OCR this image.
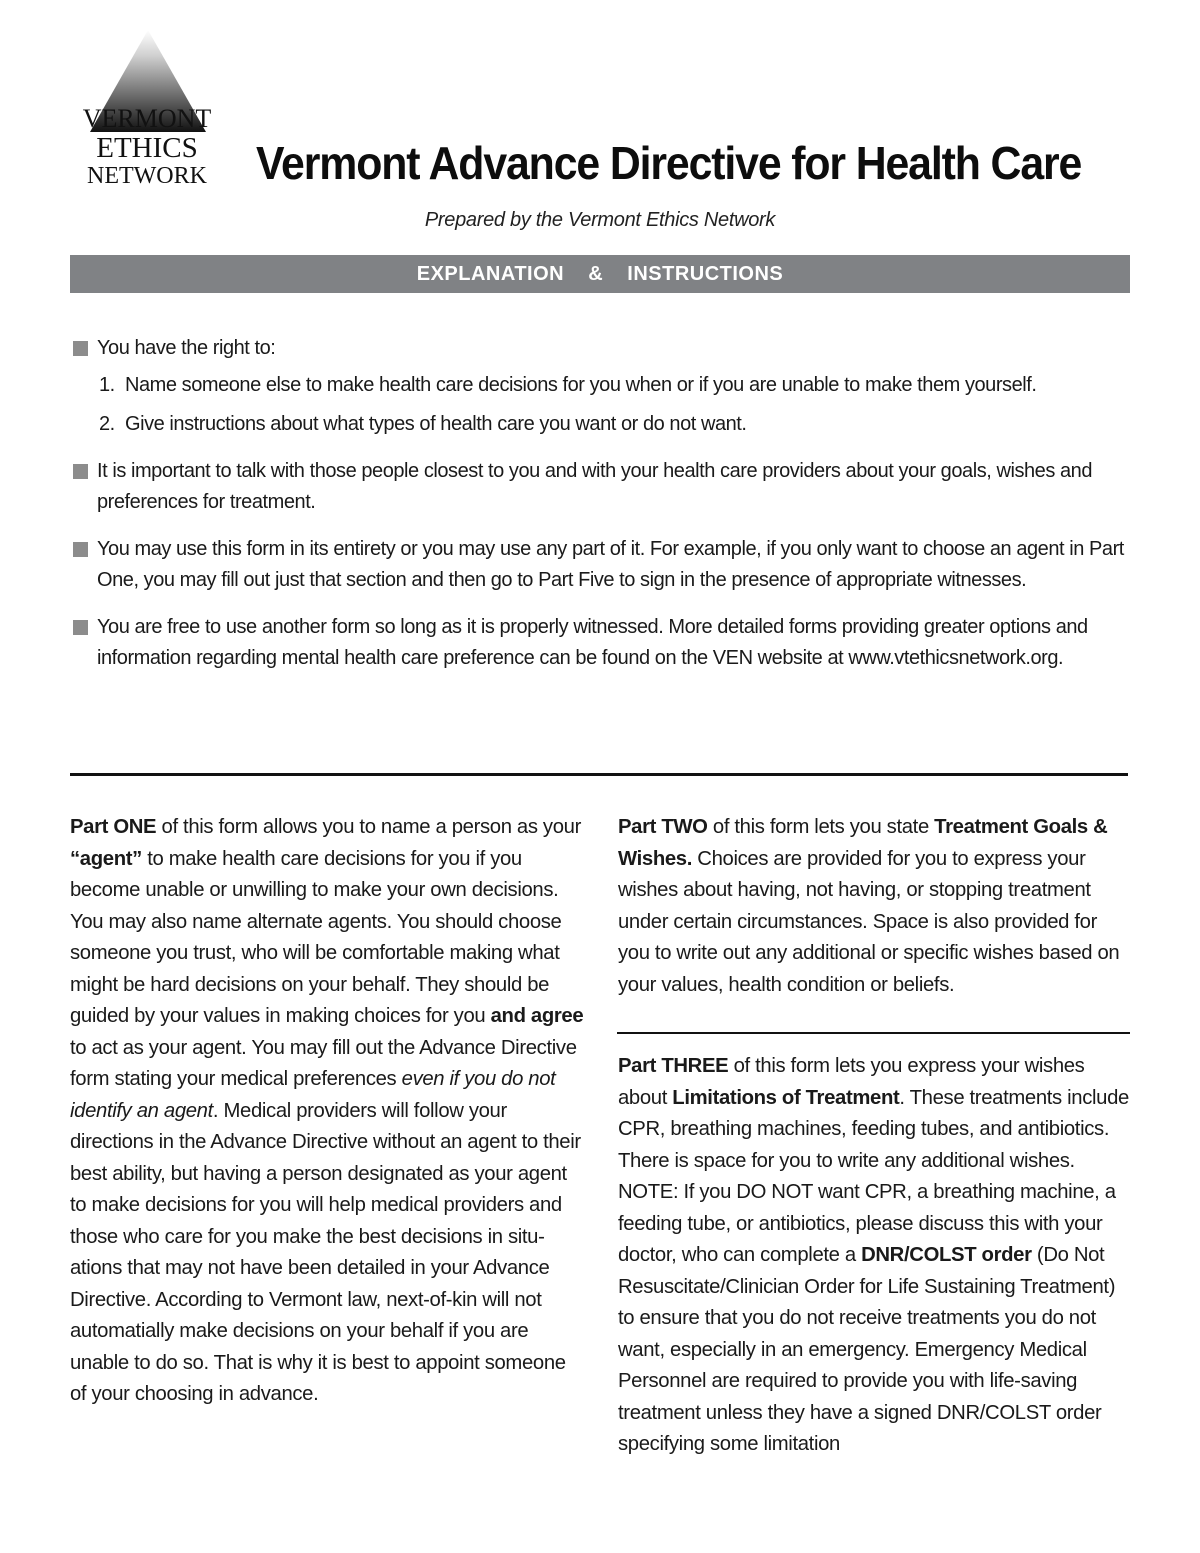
VERMONT
ETHICS
NETWORK	Vermont Advance Directive for Health Care
Prepared by the Vermont Ethics Network
EXPLANATION  &  INSTRUCTIONS
You have the right to:
1. Name someone else to make health care decisions for you when or if you are unable to make them yourself.
2. Give instructions about what types of health care you want or do not want.
It is important to talk with those people closest to you and with your health care providers about your goals, wishes and preferences for treatment.
You may use this form in its entirety or you may use any part of it. For example, if you only want to choose an agent in Part One, you may fill out just that section and then go to Part Five to sign in the presence of appropriate witnesses.
You are free to use another form so long as it is properly witnessed. More detailed forms providing greater options and information regarding mental health care preference can be found on the VEN website at www.vtethicsnetwork.org.

Part ONE of this form allows you to name a person as your “agent” to make health care decisions for you if you become unable or unwilling to make your own decisions. You may also name alternate agents. You should choose someone you trust, who will be comfortable making what might be hard decisions on your behalf. They should be guided by your values in making choices for you and agree to act as your agent. You may fill out the Advance Directive form stating your medical preferences even if you do not identify an agent. Medical providers will follow your directions in the Advance Directive without an agent to their best ability, but having a person designated as your agent to make decisions for you will help medical providers and those who care for you make the best decisions in situations that may not have been detailed in your Advance Directive. According to Vermont law, next-of-kin will not automatially make decisions on your behalf if you are unable to do so. That is why it is best to appoint someone of your choosing in advance.

Part TWO of this form lets you state Treatment Goals & Wishes. Choices are provided for you to express your wishes about having, not having, or stopping treatment under certain circumstances. Space is also provided for you to write out any additional or specific wishes based on your values, health condition or beliefs.

Part THREE of this form lets you express your wishes about Limitations of Treatment. These treatments include CPR, breathing machines, feeding tubes, and antibiotics. There is space for you to write any additional wishes. NOTE: If you DO NOT want CPR, a breathing machine, a feeding tube, or antibiotics, please discuss this with your doctor, who can complete a DNR/COLST order (Do Not Resuscitate/Clinician Order for Life Sustaining Treatment) to ensure that you do not receive treatments you do not want, especially in an emergency. Emergency Medical Personnel are required to provide you with life-saving treatment unless they have a signed DNR/COLST order specifying some limitation
